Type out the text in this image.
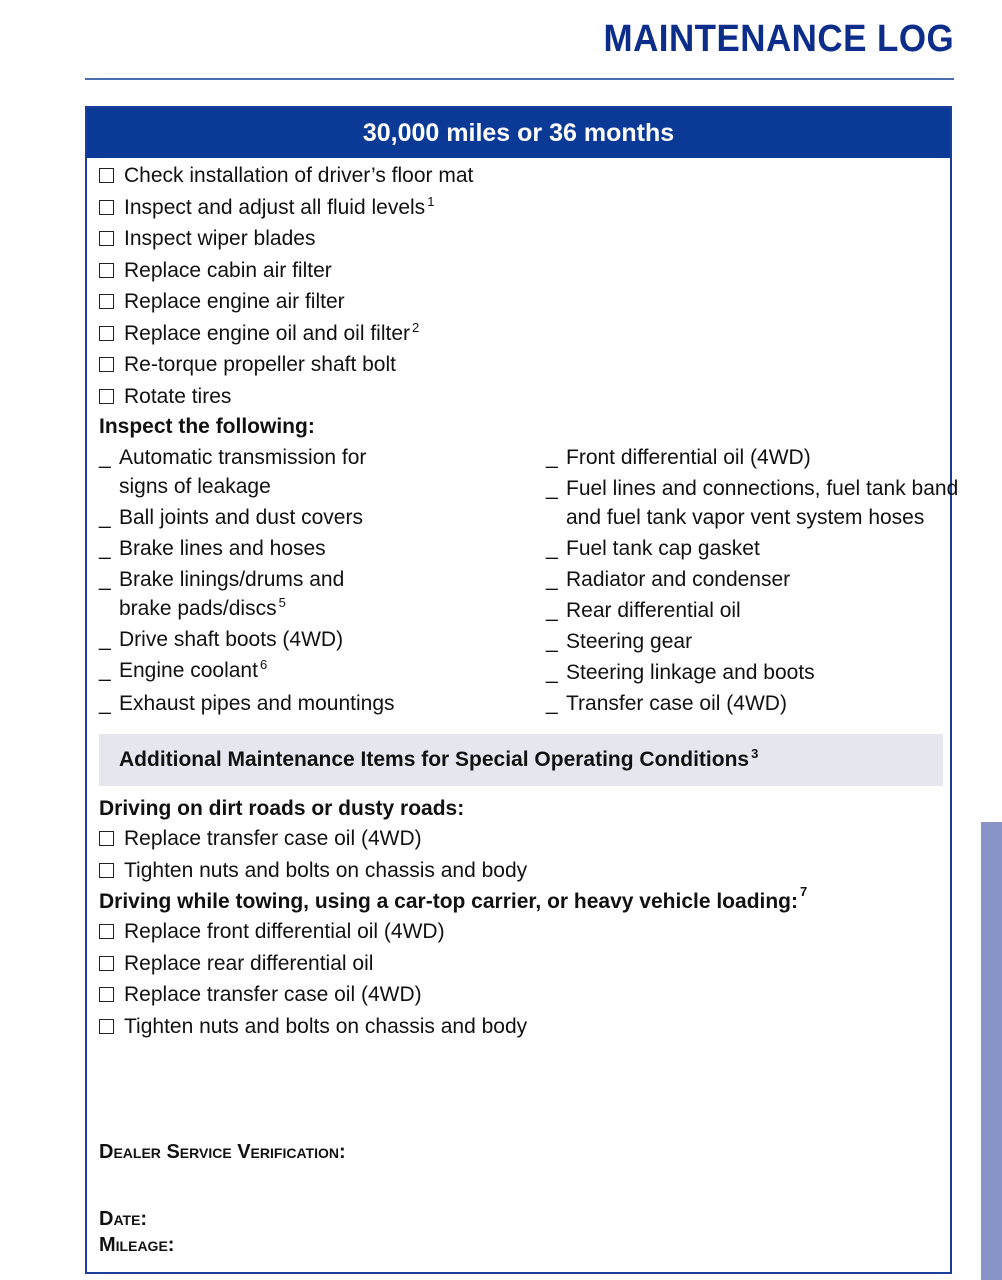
MAINTENANCE LOG
30,000 miles or 36 months
Check installation of driver’s floor mat
Inspect and adjust all fluid levels 1
Inspect wiper blades
Replace cabin air filter
Replace engine air filter
Replace engine oil and oil filter 2
Re-torque propeller shaft bolt
Rotate tires
Inspect the following:
_ Automatic transmission for
signs of leakage
_ Ball joints and dust covers
_ Brake lines and hoses
_ Brake linings/drums and
brake pads/discs $^5$
_ Drive shaft boots (4WD)
_ Engine coolant $^6$
_ Exhaust pipes and mountings
_ Front differential oil (4WD)
_ Fuel lines and connections, fuel tank band
and fuel tank vapor vent system hoses
_ Fuel tank cap gasket
_ Radiator and condenser
_ Rear differential oil
_ Steering gear
_ Steering linkage and boots
_ Transfer case oil (4WD)
Additional Maintenance Items for Special Operating Conditions $^3$
Driving on dirt roads or dusty roads:
Replace transfer case oil (4WD)
Tighten nuts and bolts on chassis and body
Driving while towing, using a car-top carrier, or heavy vehicle loading: $^7$
Replace front differential oil (4WD)
Replace rear differential oil
Replace transfer case oil (4WD)
Tighten nuts and bolts on chassis and body
Dealer Service Verification:
Date:
Mileage:
